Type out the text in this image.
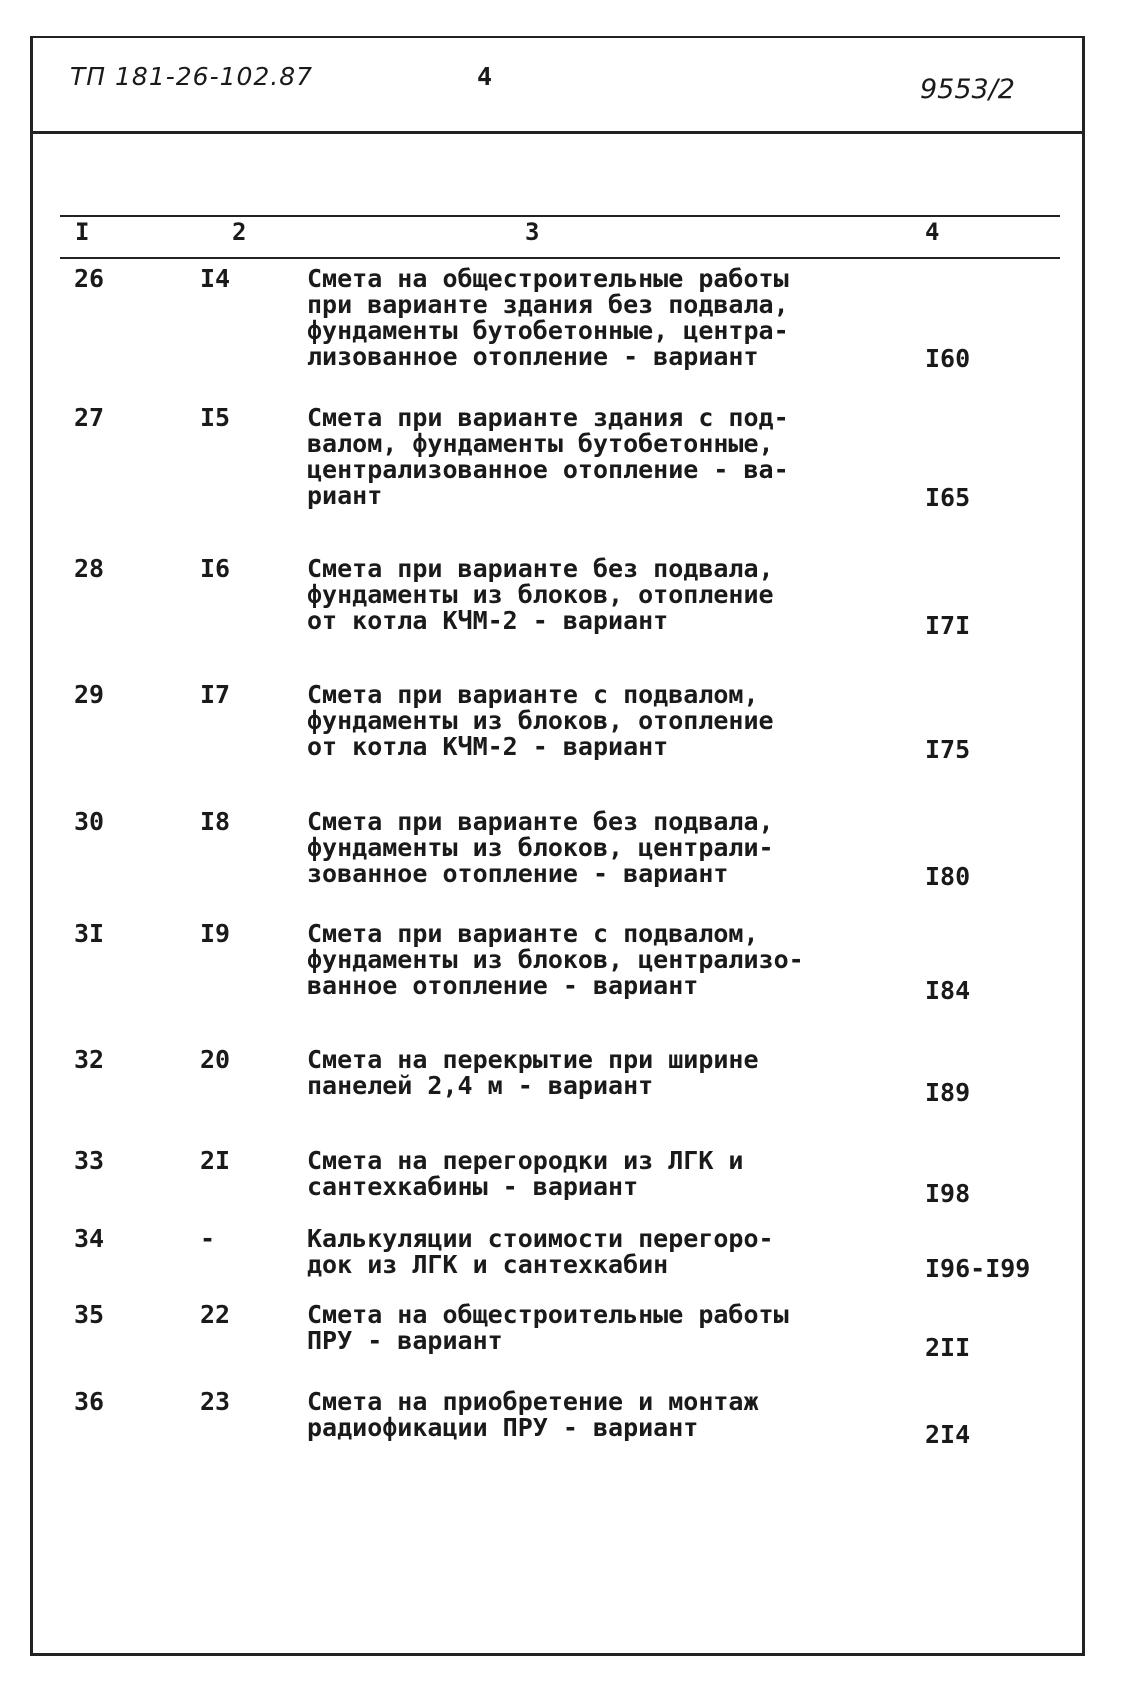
ТП 181-26-102.87	4	9553/2
I	2	3	4
26	I4	Смета на общестроительные работы
при варианте здания без подвала,
фундаменты бутобетонные, центра-
лизованное отопление - вариант	I60
27	I5	Смета при варианте здания с под-
валом, фундаменты бутобетонные,
централизованное отопление - ва-
риант	I65
28	I6	Смета при варианте без подвала,
фундаменты из блоков, отопление
от котла КЧМ-2 - вариант	I7I
29	I7	Смета при варианте с подвалом,
фундаменты из блоков, отопление
от котла КЧМ-2 - вариант	I75
30	I8	Смета при варианте без подвала,
фундаменты из блоков, централи-
зованное отопление - вариант	I80
3I	I9	Смета при варианте с подвалом,
фундаменты из блоков, централизо-
ванное отопление - вариант	I84
32	20	Смета на перекрытие при ширине
панелей 2,4 м - вариант	I89
33	2I	Смета на перегородки из ЛГК и
сантехкабины - вариант	I98
34	-	Калькуляции стоимости перегоро-
док из ЛГК и сантехкабин	I96-I99
35	22	Смета на общестроительные работы
ПРУ - вариант	2II
36	23	Смета на приобретение и монтаж
радиофикации ПРУ - вариант	2I4
